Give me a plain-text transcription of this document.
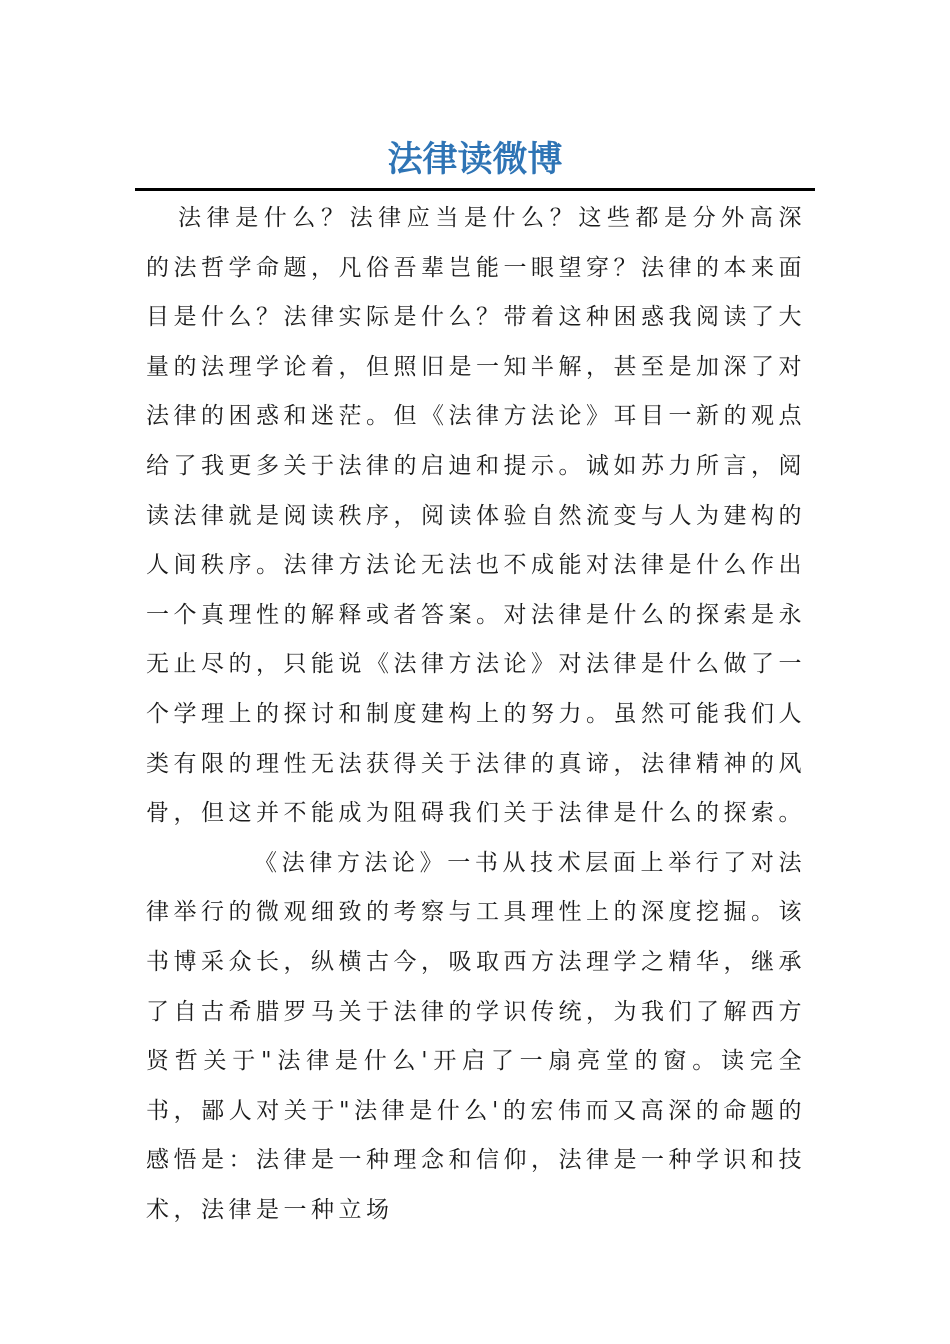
法律读微博

法律是什么？法律应当是什么？这些都是分外高深的法哲学命题，凡俗吾辈岂能一眼望穿？法律的本来面目是什么？法律实际是什么？带着这种困惑我阅读了大量的法理学论着，但照旧是一知半解，甚至是加深了对法律的困惑和迷茫。但《法律方法论》耳目一新的观点给了我更多关于法律的启迪和提示。诚如苏力所言，阅读法律就是阅读秩序，阅读体验自然流变与人为建构的人间秩序。法律方法论无法也不成能对法律是什么作出一个真理性的解释或者答案。对法律是什么的探索是永无止尽的，只能说《法律方法论》对法律是什么做了一个学理上的探讨和制度建构上的努力。虽然可能我们人类有限的理性无法获得关于法律的真谛，法律精神的风骨，但这并不能成为阻碍我们关于法律是什么的探索。

《法律方法论》一书从技术层面上举行了对法律举行的微观细致的考察与工具理性上的深度挖掘。该书博采众长，纵横古今，吸取西方法理学之精华，继承了自古希腊罗马关于法律的学识传统，为我们了解西方贤哲关于"法律是什么'开启了一扇亮堂的窗。读完全书，鄙人对关于"法律是什么'的宏伟而又高深的命题的感悟是：法律是一种理念和信仰，法律是一种学识和技术，法律是一种立场
